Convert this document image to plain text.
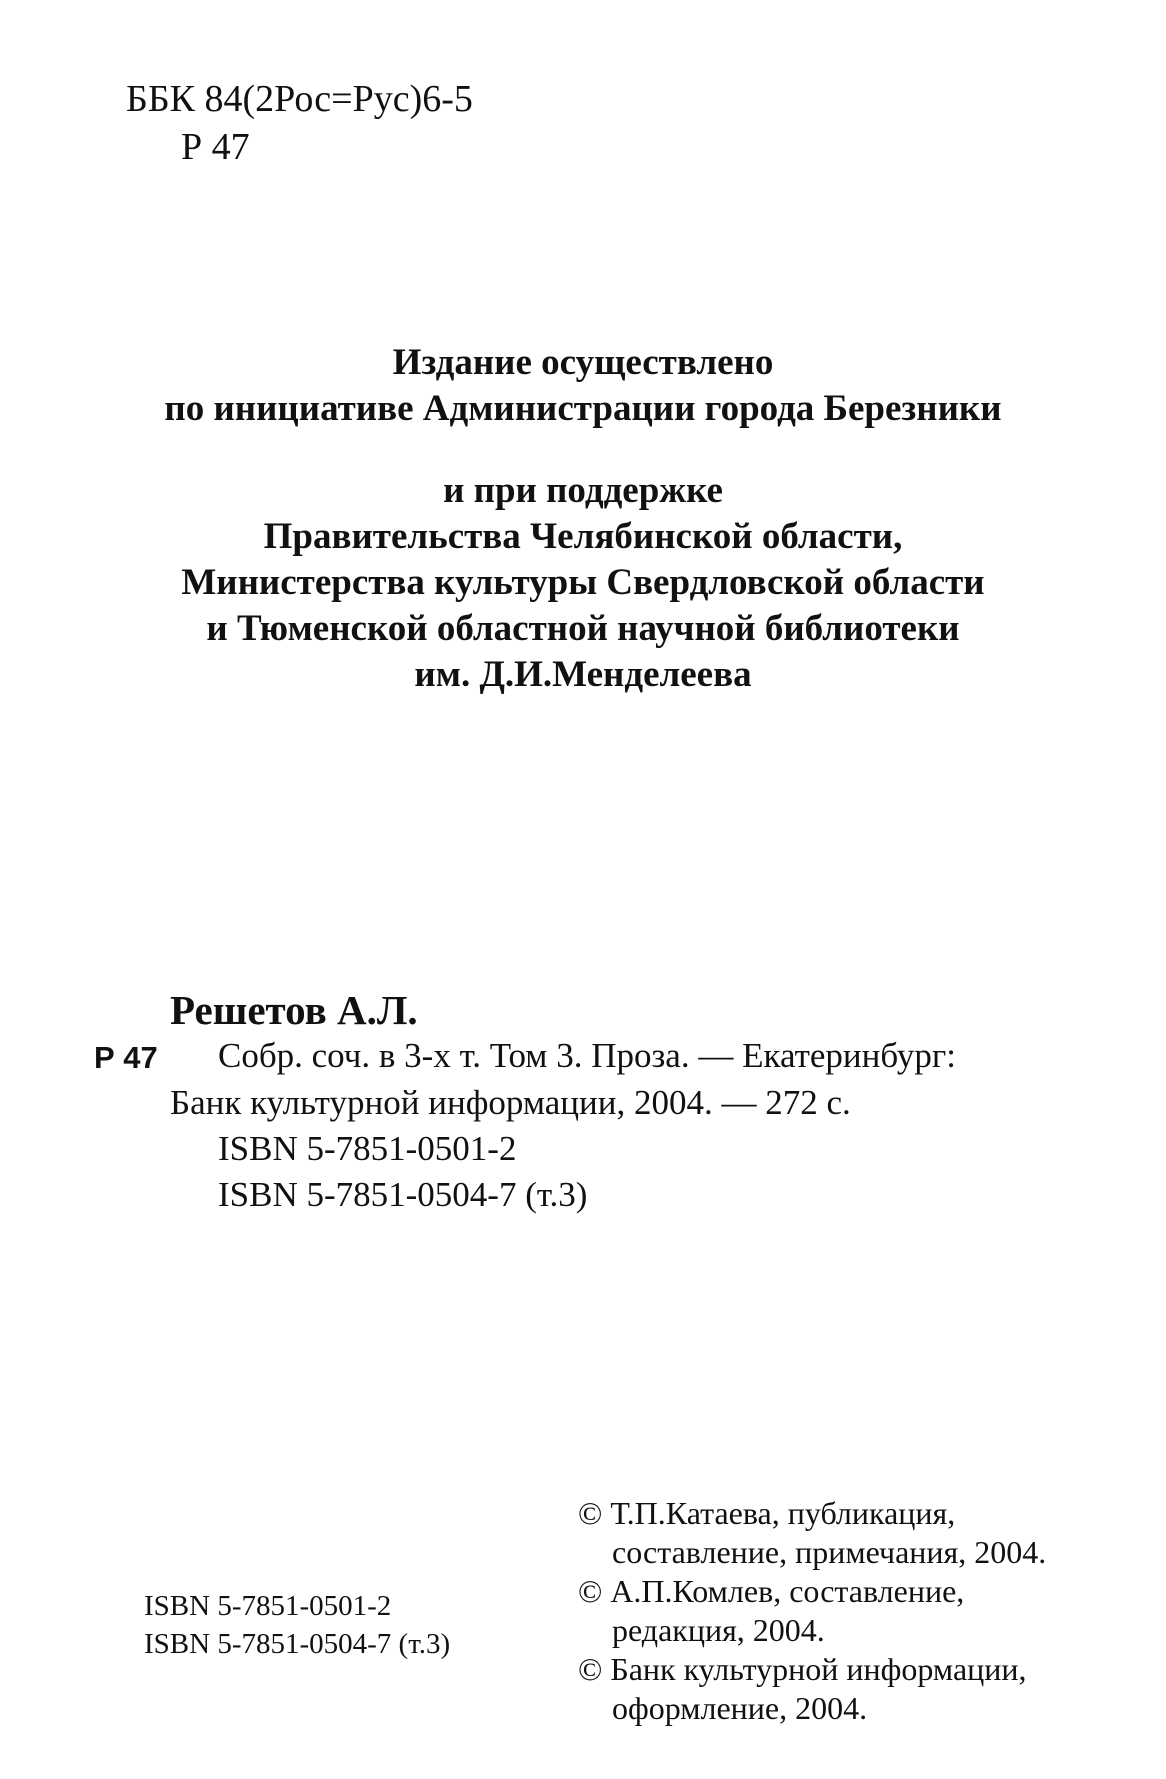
ББК 84(2Рос=Рус)6-5
Р 47
Издание осуществлено
по инициативе Администрации города Березники
и при поддержке
Правительства Челябинской области,
Министерства культуры Свердловской области
и Тюменской областной научной библиотеки
им. Д.И.Менделеева
Решетов А.Л.
Р 47 Собр. соч. в 3-х т. Том 3. Проза. — Екатеринбург:
Банк культурной информации, 2004. — 272 с.
ISBN 5-7851-0501-2
ISBN 5-7851-0504-7 (т.3)
ISBN 5-7851-0501-2
ISBN 5-7851-0504-7 (т.3)
© Т.П.Катаева, публикация,
составление, примечания, 2004.
© А.П.Комлев, составление,
редакция, 2004.
© Банк культурной информации,
оформление, 2004.
